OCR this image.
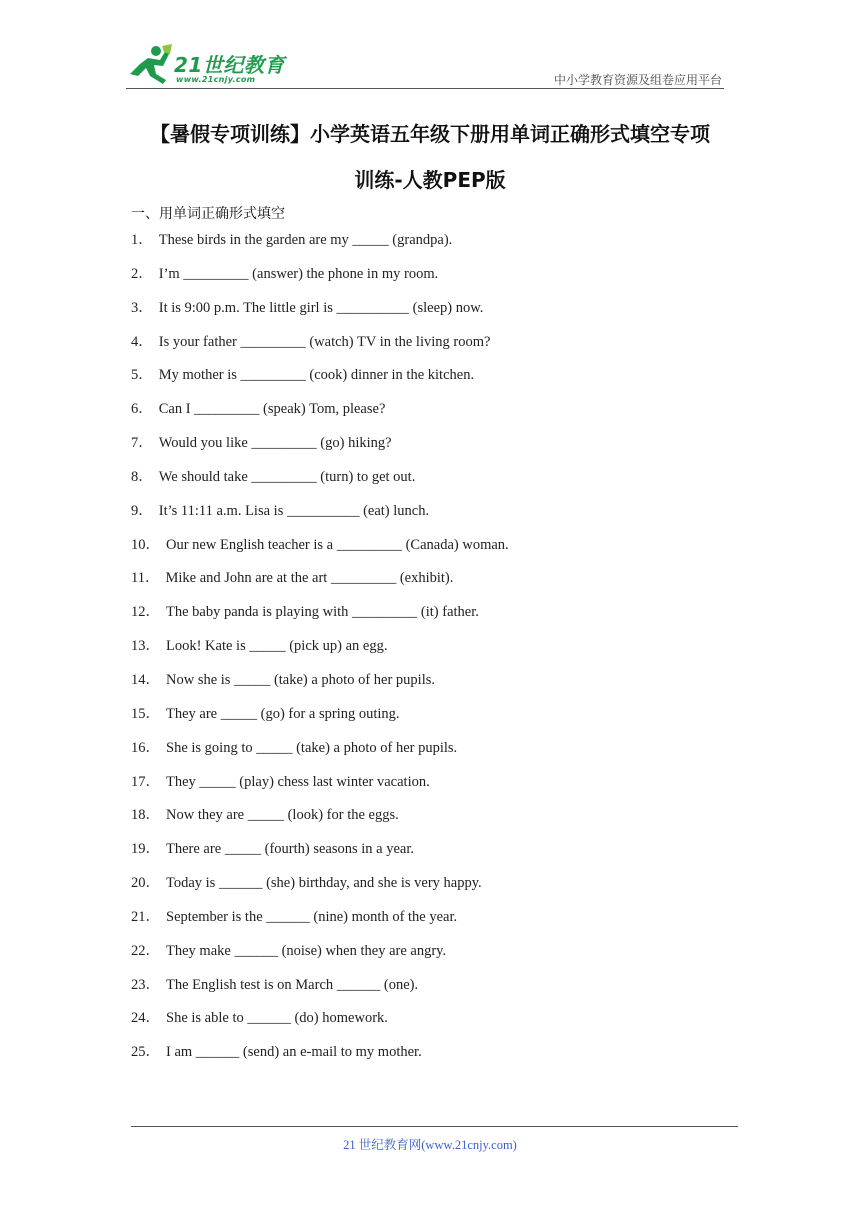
21世纪教育
www.21cnjy.com	中小学教育资源及组卷应用平台
【暑假专项训练】小学英语五年级下册用单词正确形式填空专项
训练-人教PEP版
一、用单词正确形式填空
1． These birds in the garden are my _____ (grandpa).
2． I’m _________ (answer) the phone in my room.
3． It is 9:00 p.m. The little girl is __________ (sleep) now.
4． Is your father _________ (watch) TV in the living room?
5． My mother is _________ (cook) dinner in the kitchen.
6． Can I _________ (speak) Tom, please?
7． Would you like _________ (go) hiking?
8． We should take _________ (turn) to get out.
9． It’s 11:11 a.m. Lisa is __________ (eat) lunch.
10． Our new English teacher is a _________ (Canada) woman.
11． Mike and John are at the art _________ (exhibit).
12． The baby panda is playing with _________ (it) father.
13． Look! Kate is _____ (pick up) an egg.
14． Now she is _____ (take) a photo of her pupils.
15． They are _____ (go) for a spring outing.
16． She is going to _____ (take) a photo of her pupils.
17． They _____ (play) chess last winter vacation.
18． Now they are _____ (look) for the eggs.
19． There are _____ (fourth) seasons in a year.
20． Today is ______ (she) birthday, and she is very happy.
21． September is the ______ (nine) month of the year.
22． They make ______ (noise) when they are angry.
23． The English test is on March ______ (one).
24． She is able to ______ (do) homework.
25． I am ______ (send) an e-mail to my mother.
21 世纪教育网(www.21cnjy.com)
